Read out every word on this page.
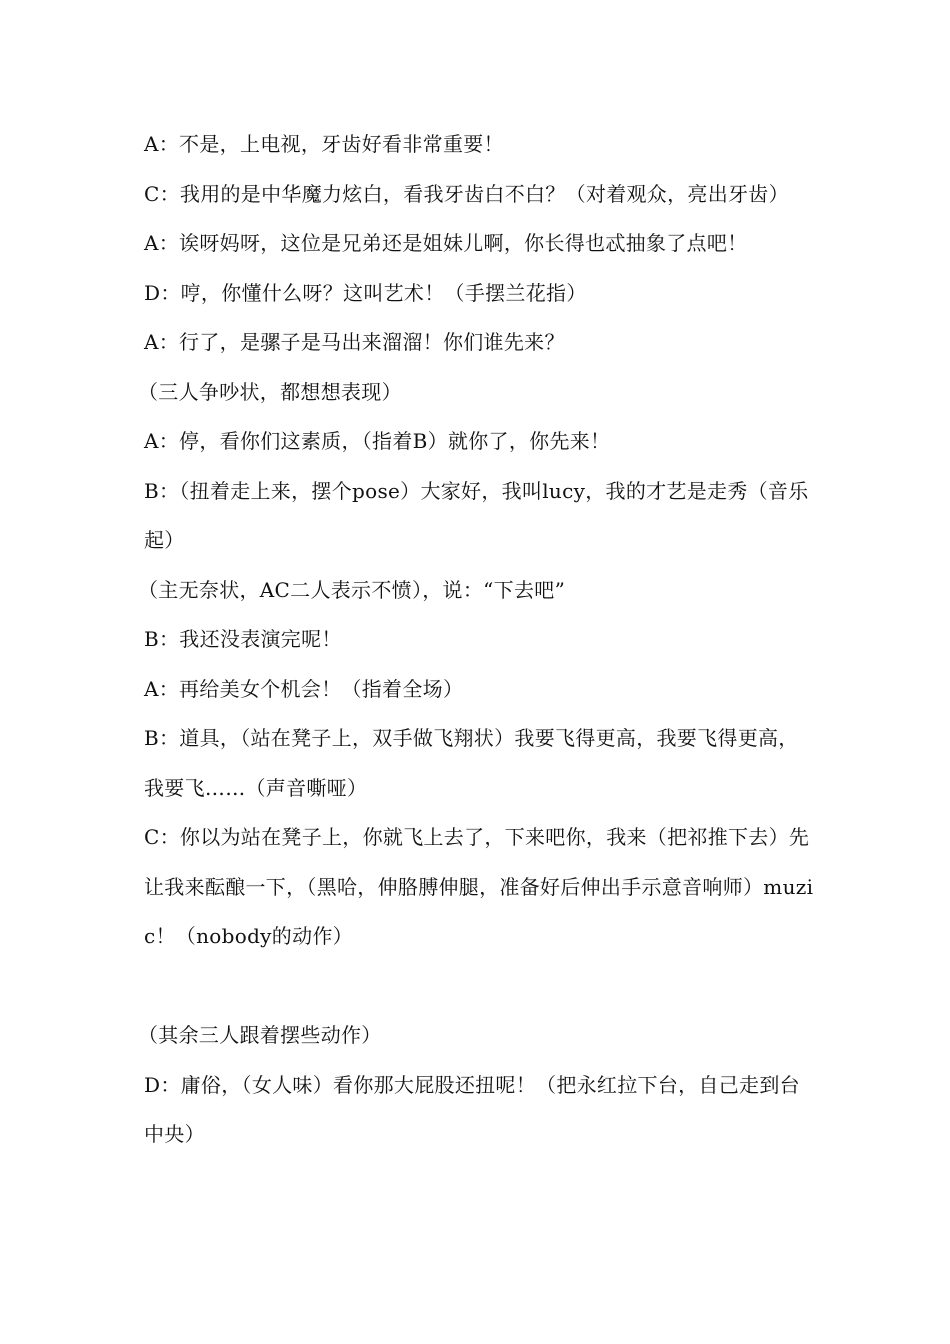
A：不是，上电视，牙齿好看非常重要！

C：我用的是中华魔力炫白，看我牙齿白不白？（对着观众，亮出牙齿）

A：诶呀妈呀，这位是兄弟还是姐妹儿啊，你长得也忒抽象了点吧！

D：哼，你懂什么呀？这叫艺术！（手摆兰花指）

A：行了，是骡子是马出来溜溜！你们谁先来？

（三人争吵状，都想想表现）

A：停，看你们这素质，（指着B）就你了，你先来！

B：（扭着走上来，摆个pose）大家好，我叫lucy，我的才艺是走秀（音乐起）

（主无奈状，AC二人表示不愤），说：“下去吧”

B：我还没表演完呢！

A：再给美女个机会！（指着全场）

B：道具，（站在凳子上，双手做飞翔状）我要飞得更高，我要飞得更高，我要飞……（声音嘶哑）

C：你以为站在凳子上，你就飞上去了，下来吧你，我来（把祁推下去）先让我来酝酿一下，（黑哈，伸胳膊伸腿，准备好后伸出手示意音响师）muzic！（nobody的动作）

（其余三人跟着摆些动作）

D：庸俗，（女人味）看你那大屁股还扭呢！（把永红拉下台，自己走到台中央）
